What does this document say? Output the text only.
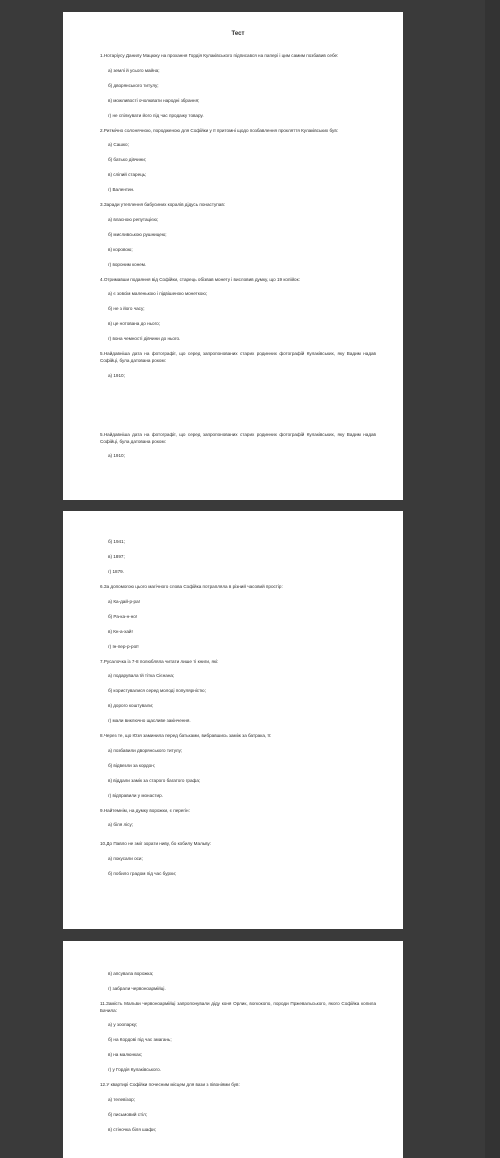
Тест
1.Нотаріусу Данилу Мацюку на прохання Гордія Кулаківського підписався на папері і цим самим позбавив себе:
а) землі й усього майна;
б) дворянського титулу;
в) можливості очолювати народні збрання;
г) не спілкувати його під час продажу товару.
2.Ритмічно солонячною, породженою для Софійки у її притомні щодо позбавлення прокляття Кулаківських був:
а) Сашко;
б) батько дівчини;
в) сліпий старець;
г) Валентин.
3.Заради утеплення бабусиних коралів дідусь понаступав:
а) власною репутацією;
б) мисливською рушницею;
в) коровою;
г) вороним конем.
4.Отримавши подаяння від Софійки, старець обізвав монету і висловив думку, що 19 копійок:
а) є зовсім маленькою і підвішеною монеткою;
б) не з його часу;
в) це нотована до нього;
г) вона чемності дівчини до нього.
5.Найдавніша дата на фотографії, що серед запропонованих старих родинних фотографій Кулаківських, яку Вадим надав Софійці, була датована роком:
а) 1910;
5.Найдавніша дата на фотографії, що серед запропонованих старих родинних фотографій Кулаківських, яку Вадим надав Софійці, була датована роком:
а) 1910;
б) 1941;
в) 1897;
г) 1879.
6.За допомогою цього магічного слова Софійка потрапляла в різний часовий простір:
а) Ка-дай-р-ра!
б) Ра-ка-н-но!
в) Кн-а-хай!
г) Ін-пер-р-рої!
7.Русалочка із 7-8 полюбляла читати лише ті книги, які:
а) подарувала їй тітка Сієнана;
б) користувалися серед молоді популярністю;
в) дорого коштували;
г) мали виключно щасливе закінчення.
8.Через те, що Юзя заминила перед батьками, вибравшись заміж за батрака, її:
а) позбавили дворянського титулу;
б) відвезли за кордон;
в) віддали замік за старого багатого графа;
г) відправили у монастир.
9.Найтемнім, на думку ворожки, є перегін:
а) біля лісу;
10.До Павло не зміг зорати ниву, бо кобилу Мальву:
а) покусали оси;
б) побило градом під час бурхи;
в) апсувала ворожка;
г) забрали червоноармійці.
11.Замість Мальви червоноармійці запропонували діду коня Орлик, вогкокопо, породи Пржевальського, якого Софійка копила Бачила:
а) у зоопарку;
б) на Кордові під час змагань;
в) на малюнках;
г) у Гордія Кулаківського.
12.У квартирі Софійки почесним місцем для вази з півоніями був:
а) телевізор;
б) письмовий стіл;
в) стіночка біля шафи;
